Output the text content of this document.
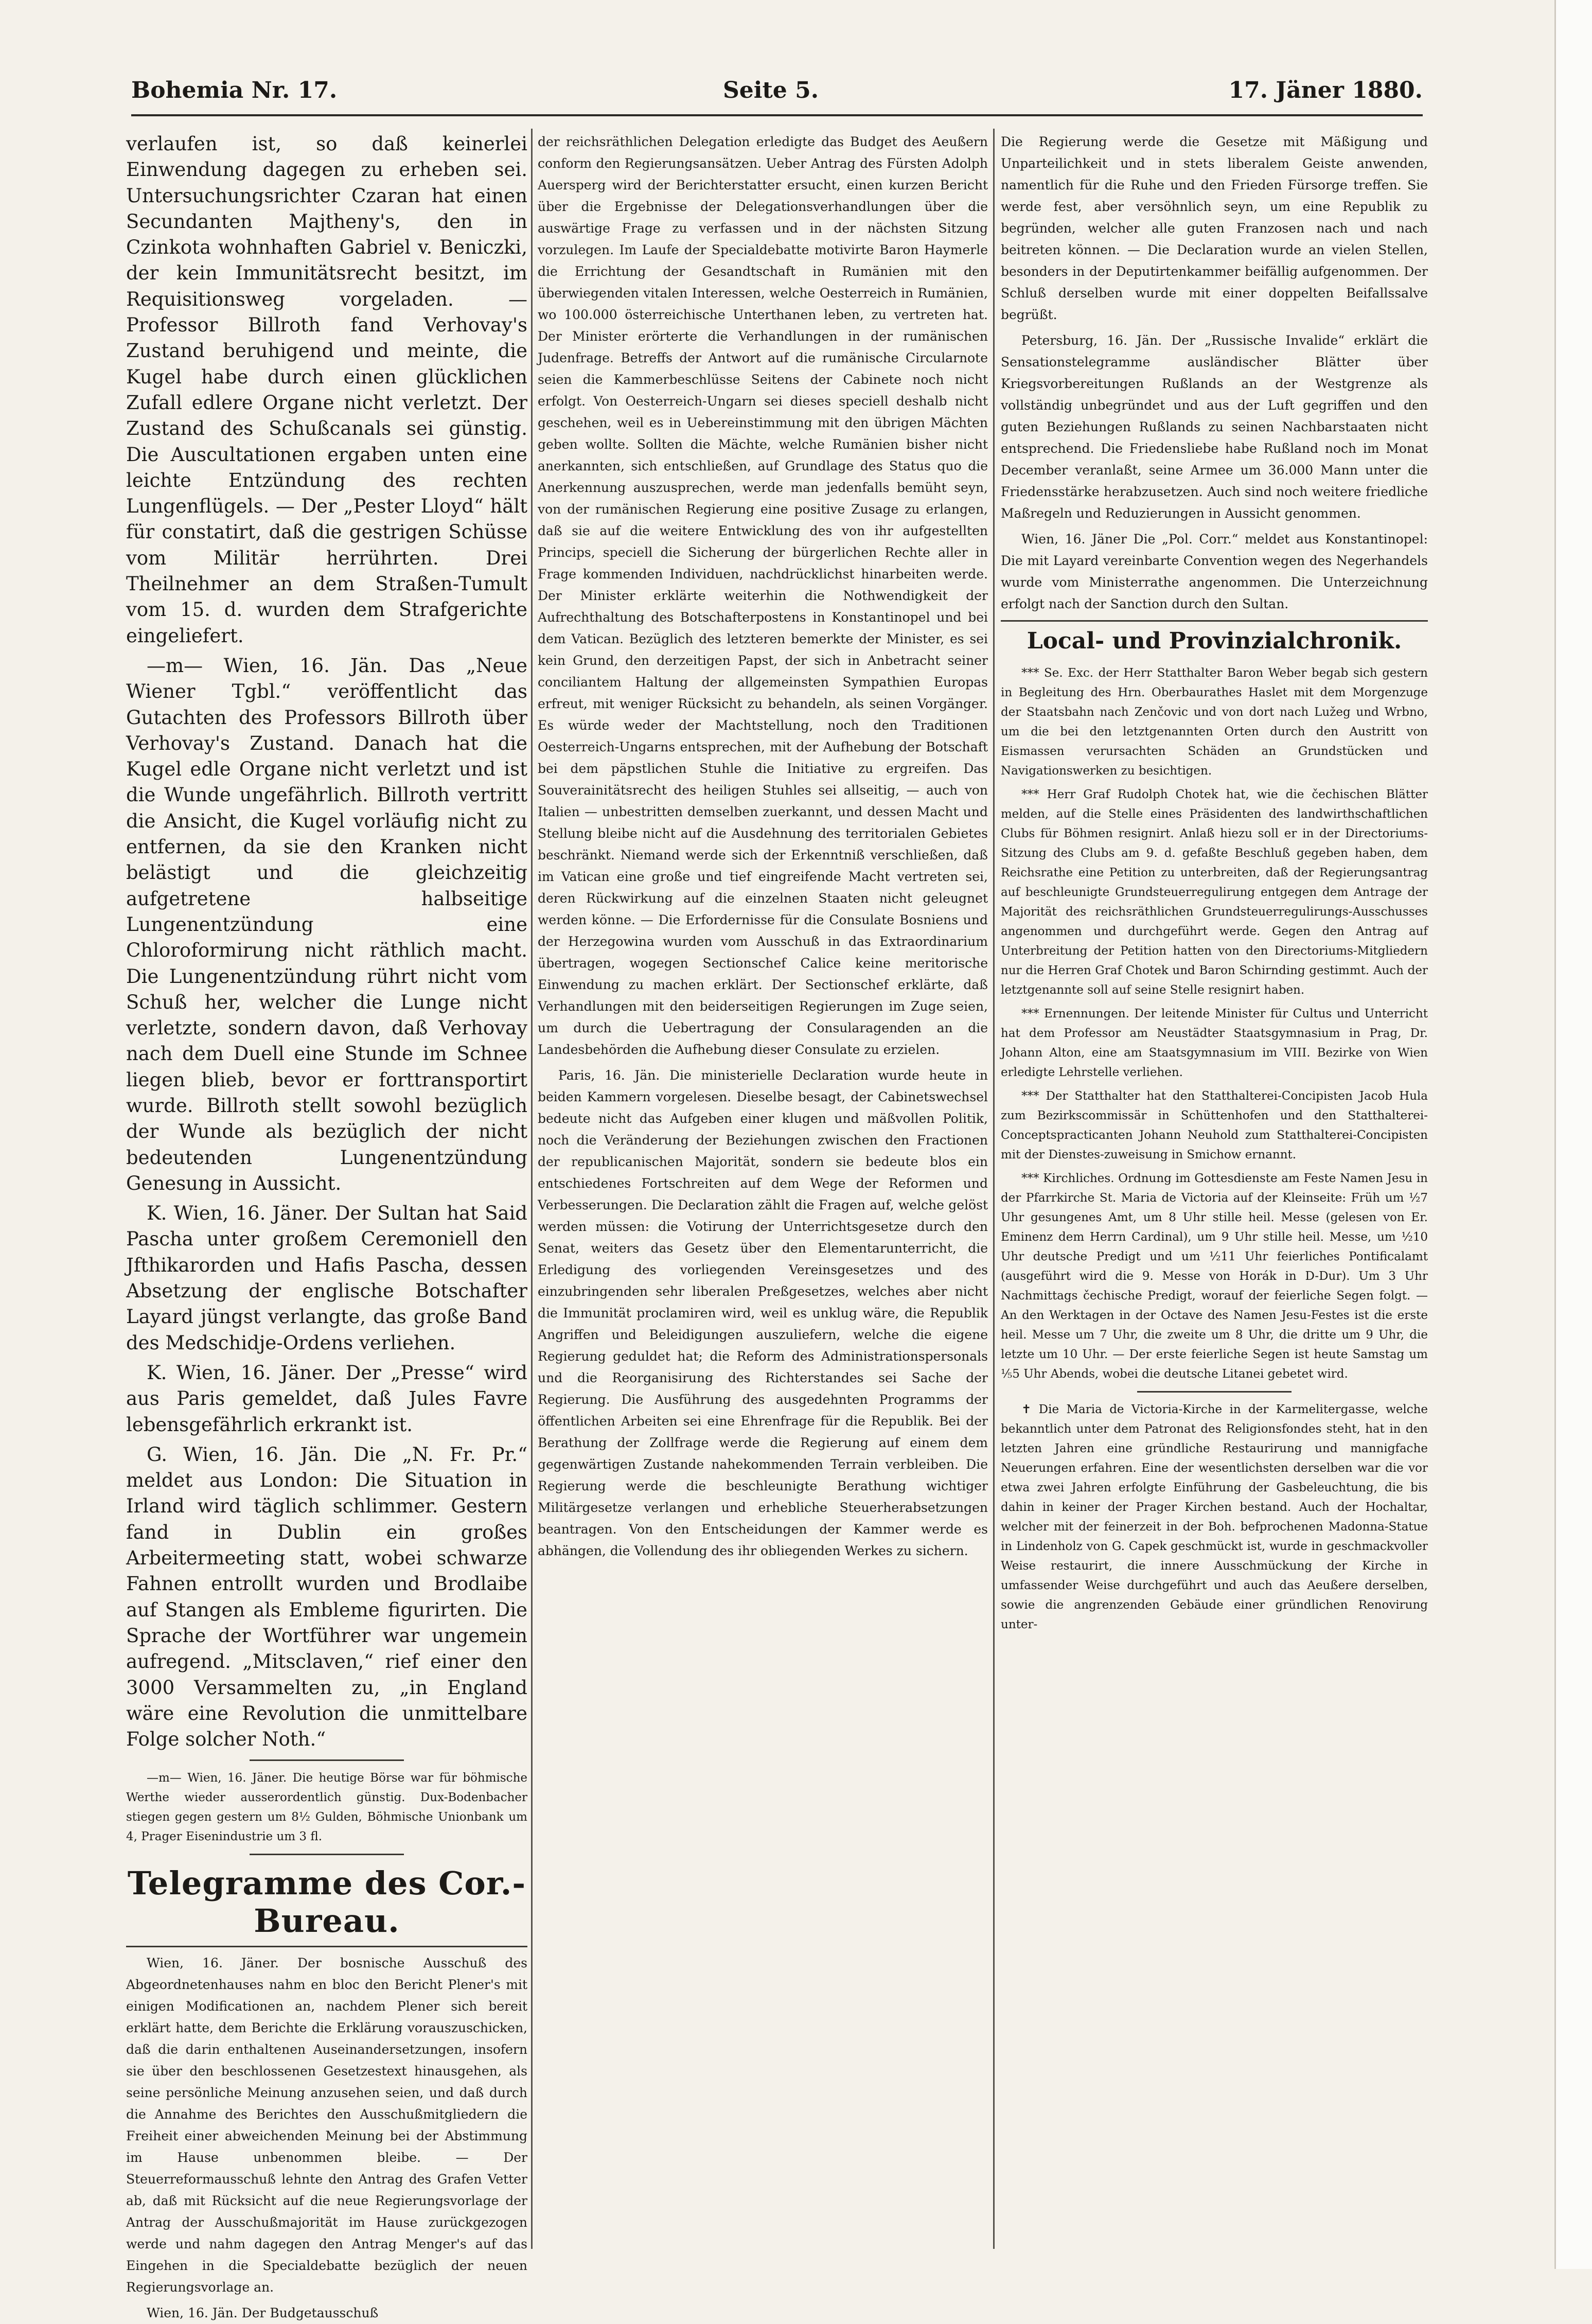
Bohemia Nr. 17.	Seite 5.	17. Jäner 1880.

verlaufen ist, so daß keinerlei Einwendung dagegen zu erheben sei. Untersuchungsrichter Czaran hat einen Secundanten Majtheny's, den in Czinkota wohnhaften Gabriel v. Beniczki, der kein Immunitätsrecht besitzt, im Requisitionsweg vorgeladen. — Professor Billroth fand Verhovay's Zustand beruhigend und meinte, die Kugel habe durch einen glücklichen Zufall edlere Organe nicht verletzt. Der Zustand des Schußcanals sei günstig. Die Auscultationen ergaben unten eine leichte Entzündung des rechten Lungenflügels. — Der „Pester Lloyd“ hält für constatirt, daß die gestrigen Schüsse vom Militär herrührten. Drei Theilnehmer an dem Straßen-Tumult vom 15. d. wurden dem Strafgerichte eingeliefert.

—m— Wien, 16. Jän. Das „Neue Wiener Tgbl.“ veröffentlicht das Gutachten des Professors Billroth über Verhovay's Zustand. Danach hat die Kugel edle Organe nicht verletzt und ist die Wunde ungefährlich. Billroth vertritt die Ansicht, die Kugel vorläufig nicht zu entfernen, da sie den Kranken nicht belästigt und die gleichzeitig aufgetretene halbseitige Lungenentzündung eine Chloroformirung nicht räthlich macht. Die Lungenentzündung rührt nicht vom Schuß her, welcher die Lunge nicht verletzte, sondern davon, daß Verhovay nach dem Duell eine Stunde im Schnee liegen blieb, bevor er forttransportirt wurde. Billroth stellt sowohl bezüglich der Wunde als bezüglich der nicht bedeutenden Lungenentzündung Genesung in Aussicht.

K. Wien, 16. Jäner. Der Sultan hat Said Pascha unter großem Ceremoniell den Jfthikarorden und Hafis Pascha, dessen Absetzung der englische Botschafter Layard jüngst verlangte, das große Band des Medschidje-Ordens verliehen.

K. Wien, 16. Jäner. Der „Presse“ wird aus Paris gemeldet, daß Jules Favre lebensgefährlich erkrankt ist.

G. Wien, 16. Jän. Die „N. Fr. Pr.“ meldet aus London: Die Situation in Irland wird täglich schlimmer. Gestern fand in Dublin ein großes Arbeitermeeting statt, wobei schwarze Fahnen entrollt wurden und Brodlaibe auf Stangen als Embleme figurirten. Die Sprache der Wortführer war ungemein aufregend. „Mitsclaven,“ rief einer den 3000 Versammelten zu, „in England wäre eine Revolution die unmittelbare Folge solcher Noth.“

—m— Wien, 16. Jäner. Die heutige Börse war für böhmische Werthe wieder ausserordentlich günstig. Dux-Bodenbacher stiegen gegen gestern um 8½ Gulden, Böhmische Unionbank um 4, Prager Eisenindustrie um 3 fl.

Telegramme des Cor.-Bureau.

Wien, 16. Jäner. Der bosnische Ausschuß des Abgeordnetenhauses nahm en bloc den Bericht Plener's mit einigen Modificationen an, nachdem Plener sich bereit erklärt hatte, dem Berichte die Erklärung vorauszuschicken, daß die darin enthaltenen Auseinandersetzungen, insofern sie über den beschlossenen Gesetzestext hinausgehen, als seine persönliche Meinung anzusehen seien, und daß durch die Annahme des Berichtes den Ausschußmitgliedern die Freiheit einer abweichenden Meinung bei der Abstimmung im Hause unbenommen bleibe. — Der Steuerreformausschuß lehnte den Antrag des Grafen Vetter ab, daß mit Rücksicht auf die neue Regierungsvorlage der Antrag der Ausschußmajorität im Hause zurückgezogen werde und nahm dagegen den Antrag Menger's auf das Eingehen in die Specialdebatte bezüglich der neuen Regierungsvorlage an.

Wien, 16. Jän. Der Budgetausschuß

der reichsräthlichen Delegation erledigte das Budget des Aeußern conform den Regierungsansätzen. Ueber Antrag des Fürsten Adolph Auersperg wird der Berichterstatter ersucht, einen kurzen Bericht über die Ergebnisse der Delegationsverhandlungen über die auswärtige Frage zu verfassen und in der nächsten Sitzung vorzulegen. Im Laufe der Specialdebatte motivirte Baron Haymerle die Errichtung der Gesandtschaft in Rumänien mit den überwiegenden vitalen Interessen, welche Oesterreich in Rumänien, wo 100.000 österreichische Unterthanen leben, zu vertreten hat. Der Minister erörterte die Verhandlungen in der rumänischen Judenfrage. Betreffs der Antwort auf die rumänische Circularnote seien die Kammerbeschlüsse Seitens der Cabinete noch nicht erfolgt. Von Oesterreich-Ungarn sei dieses speciell deshalb nicht geschehen, weil es in Uebereinstimmung mit den übrigen Mächten geben wollte. Sollten die Mächte, welche Rumänien bisher nicht anerkannten, sich entschließen, auf Grundlage des Status quo die Anerkennung auszusprechen, werde man jedenfalls bemüht seyn, von der rumänischen Regierung eine positive Zusage zu erlangen, daß sie auf die weitere Entwicklung des von ihr aufgestellten Princips, speciell die Sicherung der bürgerlichen Rechte aller in Frage kommenden Individuen, nachdrücklichst hinarbeiten werde. Der Minister erklärte weiterhin die Nothwendigkeit der Aufrechthaltung des Botschafterpostens in Konstantinopel und bei dem Vatican. Bezüglich des letzteren bemerkte der Minister, es sei kein Grund, den derzeitigen Papst, der sich in Anbetracht seiner conciliantem Haltung der allgemeinsten Sympathien Europas erfreut, mit weniger Rücksicht zu behandeln, als seinen Vorgänger. Es würde weder der Machtstellung, noch den Traditionen Oesterreich-Ungarns entsprechen, mit der Aufhebung der Botschaft bei dem päpstlichen Stuhle die Initiative zu ergreifen. Das Souverainitätsrecht des heiligen Stuhles sei allseitig, — auch von Italien — unbestritten demselben zuerkannt, und dessen Macht und Stellung bleibe nicht auf die Ausdehnung des territorialen Gebietes beschränkt. Niemand werde sich der Erkenntniß verschließen, daß im Vatican eine große und tief eingreifende Macht vertreten sei, deren Rückwirkung auf die einzelnen Staaten nicht geleugnet werden könne. — Die Erfordernisse für die Consulate Bosniens und der Herzegowina wurden vom Ausschuß in das Extraordinarium übertragen, wogegen Sectionschef Calice keine meritorische Einwendung zu machen erklärt. Der Sectionschef erklärte, daß Verhandlungen mit den beiderseitigen Regierungen im Zuge seien, um durch die Uebertragung der Consularagenden an die Landesbehörden die Aufhebung dieser Consulate zu erzielen.

Paris, 16. Jän. Die ministerielle Declaration wurde heute in beiden Kammern vorgelesen. Dieselbe besagt, der Cabinetswechsel bedeute nicht das Aufgeben einer klugen und mäßvollen Politik, noch die Veränderung der Beziehungen zwischen den Fractionen der republicanischen Majorität, sondern sie bedeute blos ein entschiedenes Fortschreiten auf dem Wege der Reformen und Verbesserungen. Die Declaration zählt die Fragen auf, welche gelöst werden müssen: die Votirung der Unterrichtsgesetze durch den Senat, weiters das Gesetz über den Elementarunterricht, die Erledigung des vorliegenden Vereinsgesetzes und des einzubringenden sehr liberalen Preßgesetzes, welches aber nicht die Immunität proclamiren wird, weil es unklug wäre, die Republik Angriffen und Beleidigungen auszuliefern, welche die eigene Regierung geduldet hat; die Reform des Administrationspersonals und die Reorganisirung des Richterstandes sei Sache der Regierung. Die Ausführung des ausgedehnten Programms der öffentlichen Arbeiten sei eine Ehrenfrage für die Republik. Bei der Berathung der Zollfrage werde die Regierung auf einem dem gegenwärtigen Zustande nahekommenden Terrain verbleiben. Die Regierung werde die beschleunigte Berathung wichtiger Militärgesetze verlangen und erhebliche Steuerherabsetzungen beantragen. Von den Entscheidungen der Kammer werde es abhängen, die Vollendung des ihr obliegenden Werkes zu sichern.

Die Regierung werde die Gesetze mit Mäßigung und Unparteilichkeit und in stets liberalem Geiste anwenden, namentlich für die Ruhe und den Frieden Fürsorge treffen. Sie werde fest, aber versöhnlich seyn, um eine Republik zu begründen, welcher alle guten Franzosen nach und nach beitreten können. — Die Declaration wurde an vielen Stellen, besonders in der Deputirtenkammer beifällig aufgenommen. Der Schluß derselben wurde mit einer doppelten Beifallssalve begrüßt.

Petersburg, 16. Jän. Der „Russische Invalide“ erklärt die Sensationstelegramme ausländischer Blätter über Kriegsvorbereitungen Rußlands an der Westgrenze als vollständig unbegründet und aus der Luft gegriffen und den guten Beziehungen Rußlands zu seinen Nachbarstaaten nicht entsprechend. Die Friedensliebe habe Rußland noch im Monat December veranlaßt, seine Armee um 36.000 Mann unter die Friedensstärke herabzusetzen. Auch sind noch weitere friedliche Maßregeln und Reduzierungen in Aussicht genommen.

Wien, 16. Jäner Die „Pol. Corr.“ meldet aus Konstantinopel: Die mit Layard vereinbarte Convention wegen des Negerhandels wurde vom Ministerrathe angenommen. Die Unterzeichnung erfolgt nach der Sanction durch den Sultan.

Local- und Provinzialchronik.

*** Se. Exc. der Herr Statthalter Baron Weber begab sich gestern in Begleitung des Hrn. Oberbaurathes Haslet mit dem Morgenzuge der Staatsbahn nach Zenčovic und von dort nach Lužeg und Wrbno, um die bei den letztgenannten Orten durch den Austritt von Eismassen verursachten Schäden an Grundstücken und Navigationswerken zu besichtigen.

*** Herr Graf Rudolph Chotek hat, wie die čechischen Blätter melden, auf die Stelle eines Präsidenten des landwirthschaftlichen Clubs für Böhmen resignirt. Anlaß hiezu soll er in der Directoriums-Sitzung des Clubs am 9. d. gefaßte Beschluß gegeben haben, dem Reichsrathe eine Petition zu unterbreiten, daß der Regierungsantrag auf beschleunigte Grundsteuerregulirung entgegen dem Antrage der Majorität des reichsräthlichen Grundsteuerregulirungs-Ausschusses angenommen und durchgeführt werde. Gegen den Antrag auf Unterbreitung der Petition hatten von den Directoriums-Mitgliedern nur die Herren Graf Chotek und Baron Schirnding gestimmt. Auch der letztgenannte soll auf seine Stelle resignirt haben.

*** Ernennungen. Der leitende Minister für Cultus und Unterricht hat dem Professor am Neustädter Staatsgymnasium in Prag, Dr. Johann Alton, eine am Staatsgymnasium im VIII. Bezirke von Wien erledigte Lehrstelle verliehen.

*** Der Statthalter hat den Statthalterei-Concipisten Jacob Hula zum Bezirkscommissär in Schüttenhofen und den Statthalterei-Conceptspracticanten Johann Neuhold zum Statthalterei-Concipisten mit der Dienstes-zuweisung in Smichow ernannt.

*** Kirchliches. Ordnung im Gottesdienste am Feste Namen Jesu in der Pfarrkirche St. Maria de Victoria auf der Kleinseite: Früh um ½7 Uhr gesungenes Amt, um 8 Uhr stille heil. Messe (gelesen von Er. Eminenz dem Herrn Cardinal), um 9 Uhr stille heil. Messe, um ½10 Uhr deutsche Predigt und um ½11 Uhr feierliches Pontificalamt (ausgeführt wird die 9. Messe von Horák in D-Dur). Um 3 Uhr Nachmittags čechische Predigt, worauf der feierliche Segen folgt. — An den Werktagen in der Octave des Namen Jesu-Festes ist die erste heil. Messe um 7 Uhr, die zweite um 8 Uhr, die dritte um 9 Uhr, die letzte um 10 Uhr. — Der erste feierliche Segen ist heute Samstag um ⅕5 Uhr Abends, wobei die deutsche Litanei gebetet wird.

✝ Die Maria de Victoria-Kirche in der Karmelitergasse, welche bekanntlich unter dem Patronat des Religionsfondes steht, hat in den letzten Jahren eine gründliche Restaurirung und mannigfache Neuerungen erfahren. Eine der wesentlichsten derselben war die vor etwa zwei Jahren erfolgte Einführung der Gasbeleuchtung, die bis dahin in keiner der Prager Kirchen bestand. Auch der Hochaltar, welcher mit der feinerzeit in der Boh. befprochenen Madonna-Statue in Lindenholz von G. Capek geschmückt ist, wurde in geschmackvoller Weise restaurirt, die innere Ausschmückung der Kirche in umfassender Weise durchgeführt und auch das Aeußere derselben, sowie die angrenzenden Gebäude einer gründlichen Renovirung unter-
